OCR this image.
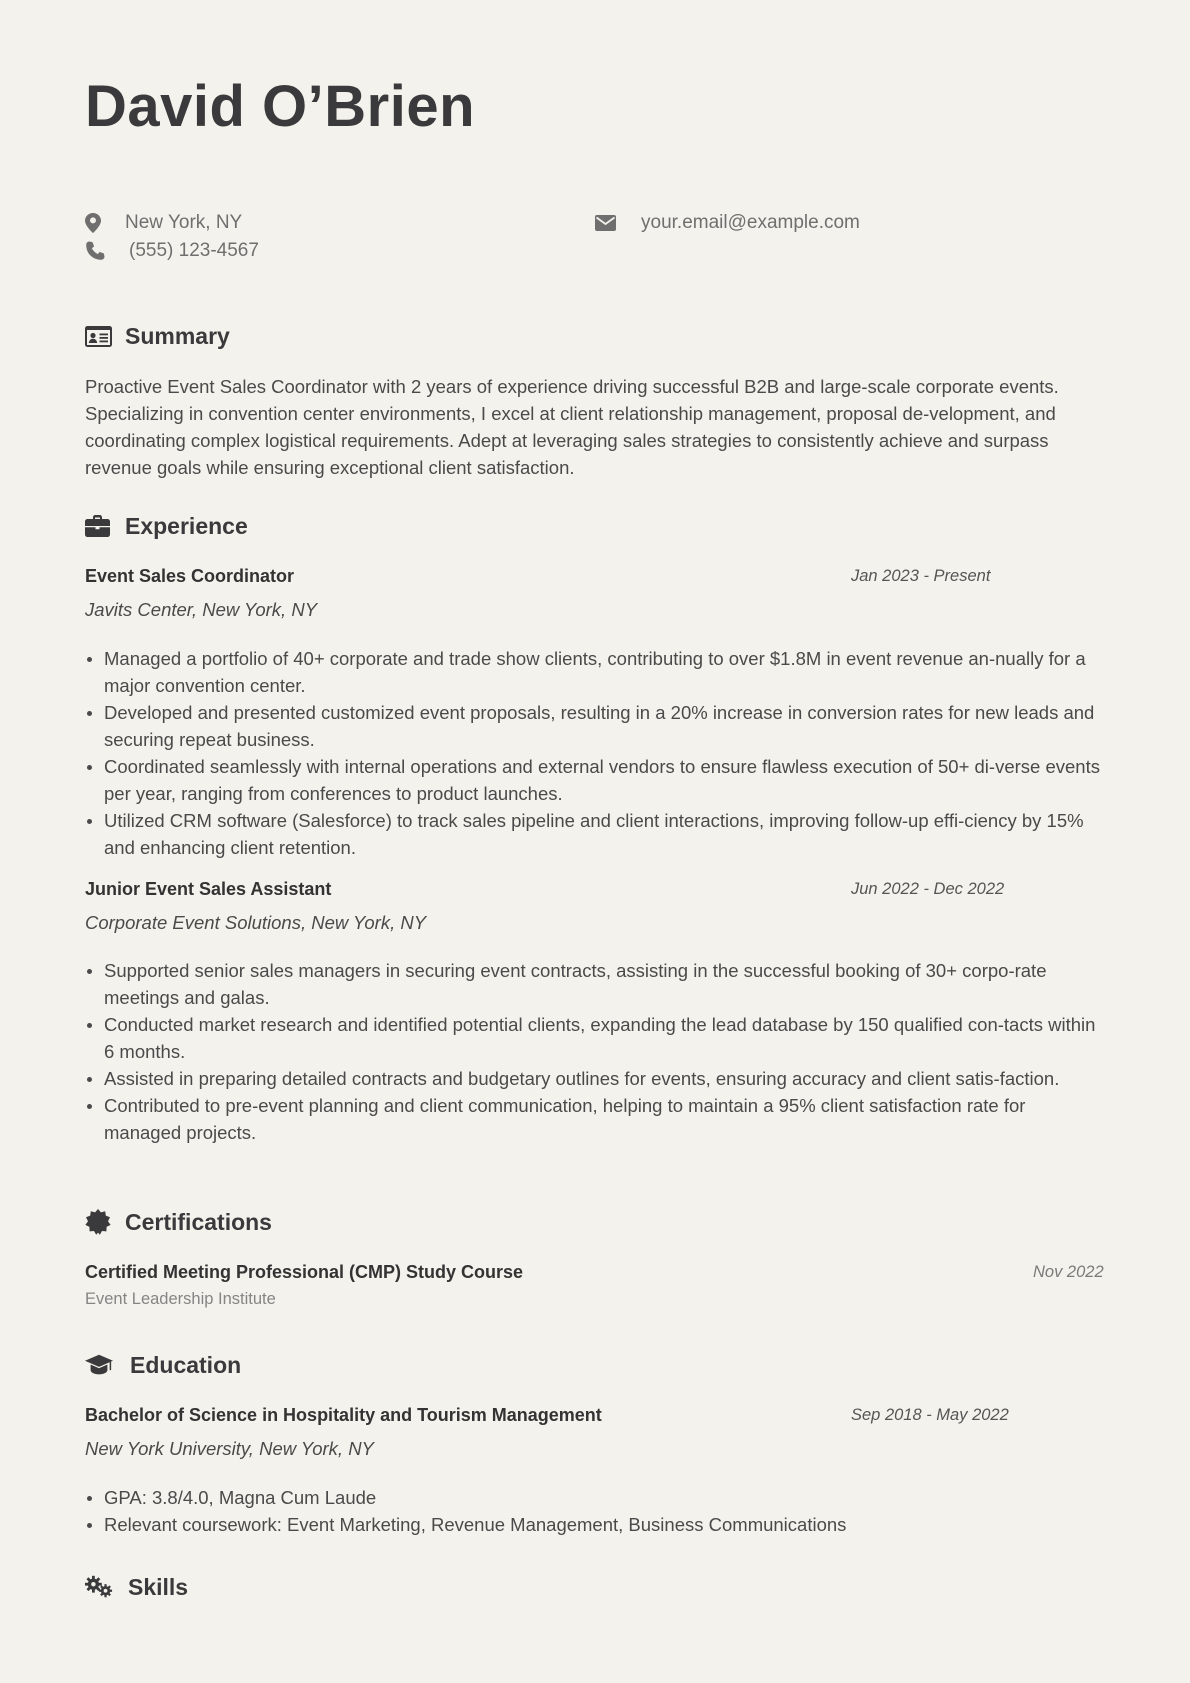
David O’Brien
New York, NY
(555) 123-4567
your.email@example.com
Summary

Proactive Event Sales Coordinator with 2 years of experience driving successful B2B and large-scale corporate events. Specializing in convention center environments, I excel at client relationship management, proposal de-velopment, and coordinating complex logistical requirements. Adept at leveraging sales strategies to consistently achieve and surpass revenue goals while ensuring exceptional client satisfaction.

Experience
Event Sales Coordinator	Jan 2023 - Present
Javits Center, New York, NY
Managed a portfolio of 40+ corporate and trade show clients, contributing to over $1.8M in event revenue an-nually for a major convention center.
Developed and presented customized event proposals, resulting in a 20% increase in conversion rates for new leads and securing repeat business.
Coordinated seamlessly with internal operations and external vendors to ensure flawless execution of 50+ di-verse events per year, ranging from conferences to product launches.
Utilized CRM software (Salesforce) to track sales pipeline and client interactions, improving follow-up effi-ciency by 15% and enhancing client retention.
Junior Event Sales Assistant	Jun 2022 - Dec 2022
Corporate Event Solutions, New York, NY
Supported senior sales managers in securing event contracts, assisting in the successful booking of 30+ corpo-rate meetings and galas.
Conducted market research and identified potential clients, expanding the lead database by 150 qualified con-tacts within 6 months.
Assisted in preparing detailed contracts and budgetary outlines for events, ensuring accuracy and client satis-faction.
Contributed to pre-event planning and client communication, helping to maintain a 95% client satisfaction rate for managed projects.
Certifications
Certified Meeting Professional (CMP) Study Course	Nov 2022
Event Leadership Institute
Education
Bachelor of Science in Hospitality and Tourism Management	Sep 2018 - May 2022
New York University, New York, NY
GPA: 3.8/4.0, Magna Cum Laude
Relevant coursework: Event Marketing, Revenue Management, Business Communications
Skills
